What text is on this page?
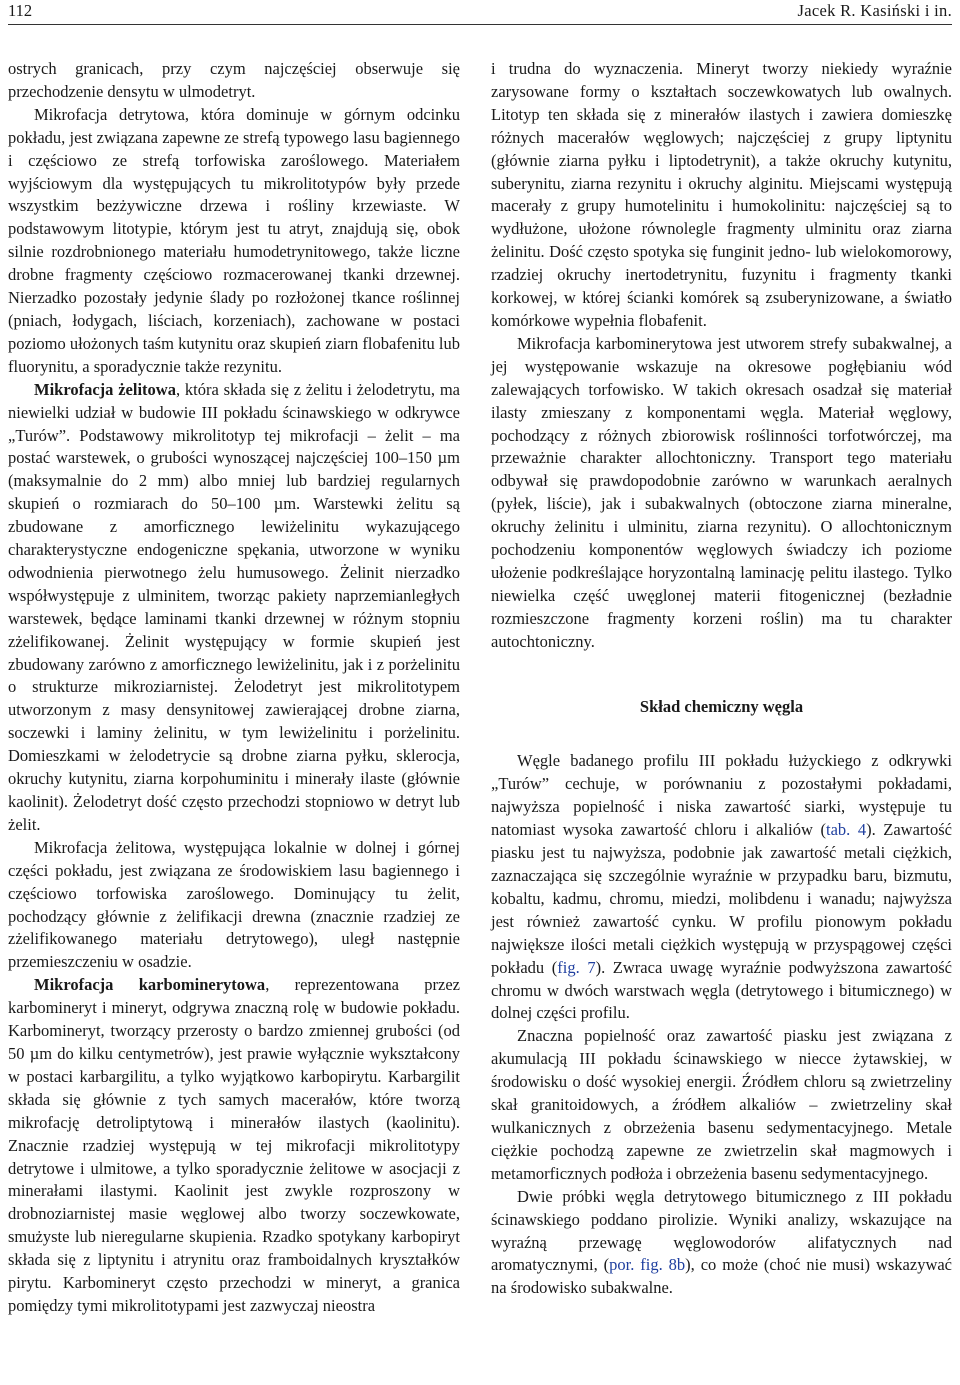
112	Jacek R. Kasiński i in.

ostrych granicach, przy czym najczęściej obserwuje się przechodzenie densytu w ulmodetryt.

Mikrofacja detrytowa, która dominuje w górnym odcinku pokładu, jest związana zapewne ze strefą typowego lasu bagiennego i częściowo ze strefą torfowiska zaroślowego. Materiałem wyjściowym dla występujących tu mikrolitotypów były przede wszystkim bezżywiczne drzewa i rośliny krzewiaste. W podstawowym litotypie, którym jest tu atryt, znajdują się, obok silnie rozdrobnionego materiału humodetrynitowego, także liczne drobne fragmenty częściowo rozmacerowanej tkanki drzewnej. Nierzadko pozostały jedynie ślady po rozłożonej tkance roślinnej (pniach, łodygach, liściach, korzeniach), zachowane w postaci poziomo ułożonych taśm kutynitu oraz skupień ziarn flobafenitu lub fluorynitu, a sporadycznie także rezynitu.

Mikrofacja żelitowa, która składa się z żelitu i żelodetrytu, ma niewielki udział w budowie III pokładu ścinawskiego w odkrywce „Turów”. Podstawowy mikrolitotyp tej mikrofacji – żelit – ma postać warstewek, o grubości wynoszącej najczęściej 100–150 µm (maksymalnie do 2 mm) albo mniej lub bardziej regularnych skupień o rozmiarach do 50–100 µm. Warstewki żelitu są zbudowane z amorficznego lewiżelinitu wykazującego charakterystyczne endogeniczne spękania, utworzone w wyniku odwodnienia pierwotnego żelu humusowego. Żelinit nierzadko współwystępuje z ulminitem, tworząc pakiety naprzemianległych warstewek, będące laminami tkanki drzewnej w różnym stopniu zżelifikowanej. Żelinit występujący w formie skupień jest zbudowany zarówno z amorficznego lewiżelinitu, jak i z porżelinitu o strukturze mikroziarnistej. Żelodetryt jest mikrolitotypem utworzonym z masy densynitowej zawierającej drobne ziarna, soczewki i laminy żelinitu, w tym lewiżelinitu i porżelinitu. Domieszkami w żelodetrycie są drobne ziarna pyłku, sklerocja, okruchy kutynitu, ziarna korpohuminitu i minerały ilaste (głównie kaolinit). Żelodetryt dość często przechodzi stopniowo w detryt lub żelit.

Mikrofacja żelitowa, występująca lokalnie w dolnej i górnej części pokładu, jest związana ze środowiskiem lasu bagiennego i częściowo torfowiska zaroślowego. Dominujący tu żelit, pochodzący głównie z żelifikacji drewna (znacznie rzadziej ze zżelifikowanego materiału detrytowego), uległ następnie przemieszczeniu w osadzie.

Mikrofacja karbominerytowa, reprezentowana przez karbomineryt i mineryt, odgrywa znaczną rolę w budowie pokładu. Karbomineryt, tworzący przerosty o bardzo zmiennej grubości (od 50 µm do kilku centymetrów), jest prawie wyłącznie wykształcony w postaci karbargilitu, a tylko wyjątkowo karbopirytu. Karbargilit składa się głównie z tych samych macerałów, które tworzą mikrofację detroliptytową i minerałów ilastych (kaolinitu). Znacznie rzadziej występują w tej mikrofacji mikrolitotypy detrytowe i ulmitowe, a tylko sporadycznie żelitowe w asocjacji z minerałami ilastymi. Kaolinit jest zwykle rozproszony w drobnoziarnistej masie węglowej albo tworzy soczewkowate, smużyste lub nieregularne skupienia. Rzadko spotykany karbopiryt składa się z liptynitu i atrynitu oraz framboidalnych kryształków pirytu. Karbomineryt często przechodzi w mineryt, a granica pomiędzy tymi mikrolitotypami jest zazwyczaj nieostra

i trudna do wyznaczenia. Mineryt tworzy niekiedy wyraźnie zarysowane formy o kształtach soczewkowatych lub owalnych. Litotyp ten składa się z minerałów ilastych i zawiera domieszkę różnych macerałów węglowych; najczęściej z grupy liptynitu (głównie ziarna pyłku i liptodetrynit), a także okruchy kutynitu, suberynitu, ziarna rezynitu i okruchy alginitu. Miejscami występują macerały z grupy humotelinitu i humokolinitu: najczęściej są to wydłużone, ułożone równolegle fragmenty ulminitu oraz ziarna żelinitu. Dość często spotyka się funginit jedno- lub wielokomorowy, rzadziej okruchy inertodetrynitu, fuzynitu i fragmenty tkanki korkowej, w której ścianki komórek są zsuberynizowane, a światło komórkowe wypełnia flobafenit.

Mikrofacja karbominerytowa jest utworem strefy subakwalnej, a jej występowanie wskazuje na okresowe pogłębianiu wód zalewających torfowisko. W takich okresach osadzał się materiał ilasty zmieszany z komponentami węgla. Materiał węglowy, pochodzący z różnych zbiorowisk roślinności torfotwórczej, ma przeważnie charakter allochtoniczny. Transport tego materiału odbywał się prawdopodobnie zarówno w warunkach aeralnych (pyłek, liście), jak i subakwalnych (obtoczone ziarna mineralne, okruchy żelinitu i ulminitu, ziarna rezynitu). O allochtonicznym pochodzeniu komponentów węglowych świadczy ich poziome ułożenie podkreślające horyzontalną laminację pelitu ilastego. Tylko niewielka część uwęglonej materii fitogenicznej (bezładnie rozmieszczone fragmenty korzeni roślin) ma tu charakter autochtoniczny.

Skład chemiczny węgla

Węgle badanego profilu III pokładu łużyckiego z odkrywki „Turów” cechuje, w porównaniu z pozostałymi pokładami, najwyższa popielność i niska zawartość siarki, występuje tu natomiast wysoka zawartość chloru i alkaliów (tab. 4). Zawartość piasku jest tu najwyższa, podobnie jak zawartość metali ciężkich, zaznaczająca się szczególnie wyraźnie w przypadku baru, bizmutu, kobaltu, kadmu, chromu, miedzi, molibdenu i wanadu; najwyższa jest również zawartość cynku. W profilu pionowym pokładu największe ilości metali ciężkich występują w przyspągowej części pokładu (fig. 7). Zwraca uwagę wyraźnie podwyższona zawartość chromu w dwóch warstwach węgla (detrytowego i bitumicznego) w dolnej części profilu.

Znaczna popielność oraz zawartość piasku jest związana z akumulacją III pokładu ścinawskiego w niecce żytawskiej, w środowisku o dość wysokiej energii. Źródłem chloru są zwietrzeliny skał granitoidowych, a źródłem alkaliów – zwietrzeliny skał wulkanicznych z obrzeżenia basenu sedymentacyjnego. Metale ciężkie pochodzą zapewne ze zwietrzelin skał magmowych i metamorficznych podłoża i obrzeżenia basenu sedymentacyjnego.

Dwie próbki węgla detrytowego bitumicznego z III pokładu ścinawskiego poddano pirolizie. Wyniki analizy, wskazujące na wyraźną przewagę węglowodorów alifatycznych nad aromatycznymi, (por. fig. 8b), co może (choć nie musi) wskazywać na środowisko subakwalne.
